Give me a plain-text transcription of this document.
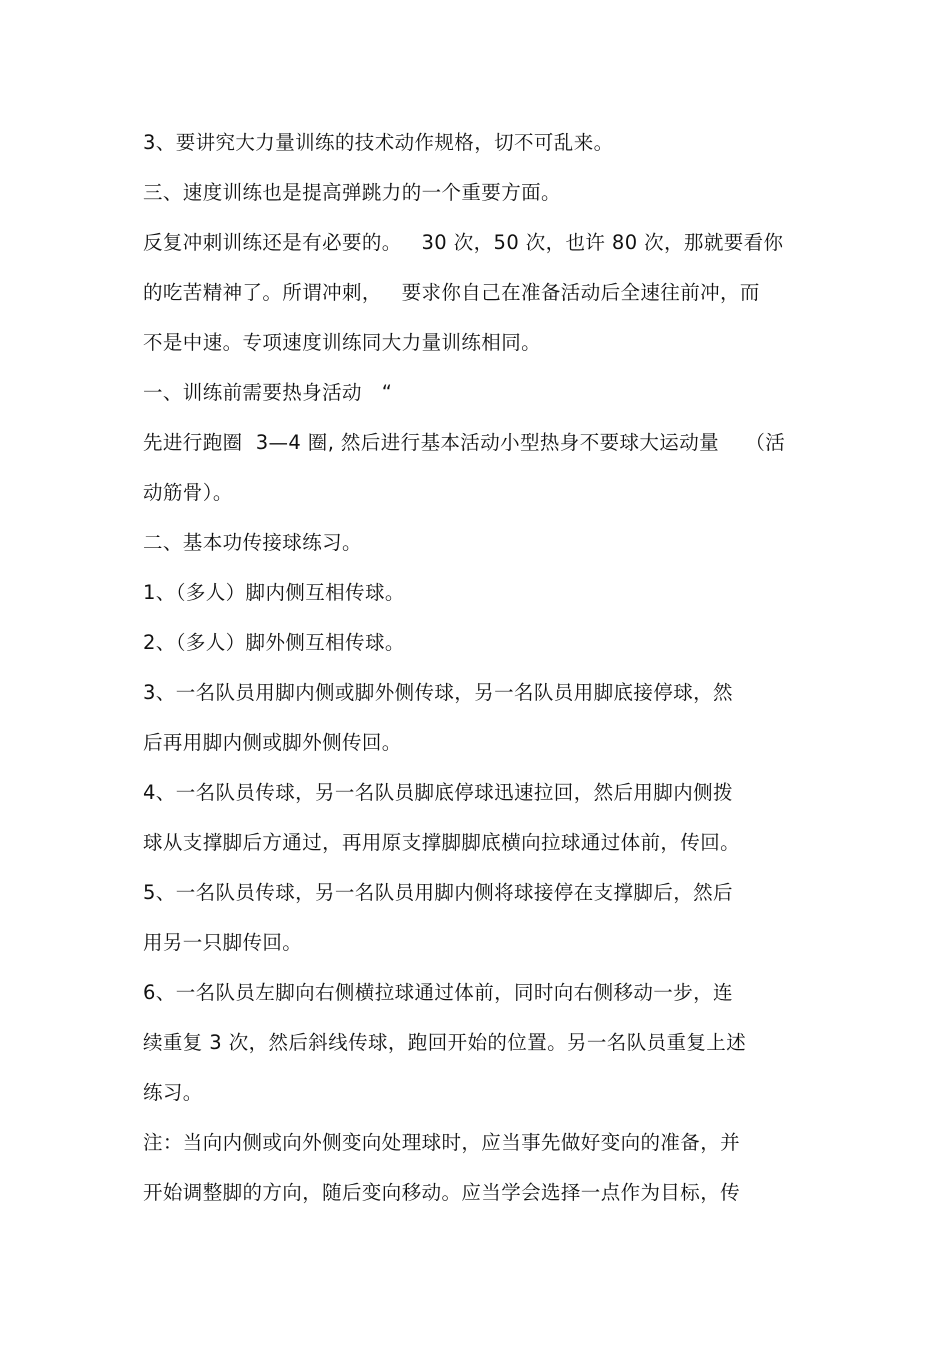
3、要讲究大力量训练的技术动作规格，切不可乱来。
三、速度训练也是提高弹跳力的一个重要方面。
反复冲刺训练还是有必要的。   30 次，50 次，也许 80 次，那就要看你
的吃苦精神了。所谓冲刺，   要求你自己在准备活动后全速往前冲，而
不是中速。专项速度训练同大力量训练相同。
一、训练前需要热身活动   “
先进行跑圈  3—4 圈, 然后进行基本活动小型热身不要球大运动量    （活
动筋骨）。
二、基本功传接球练习。
1、（多人）脚内侧互相传球。
2、（多人）脚外侧互相传球。
3、一名队员用脚内侧或脚外侧传球，另一名队员用脚底接停球，然
后再用脚内侧或脚外侧传回。
4、一名队员传球，另一名队员脚底停球迅速拉回，然后用脚内侧拨
球从支撑脚后方通过，再用原支撑脚脚底横向拉球通过体前，传回。
5、一名队员传球，另一名队员用脚内侧将球接停在支撑脚后，然后
用另一只脚传回。
6、一名队员左脚向右侧横拉球通过体前，同时向右侧移动一步，连
续重复 3 次，然后斜线传球，跑回开始的位置。另一名队员重复上述
练习。
注：当向内侧或向外侧变向处理球时，应当事先做好变向的准备，并
开始调整脚的方向，随后变向移动。应当学会选择一点作为目标，传
